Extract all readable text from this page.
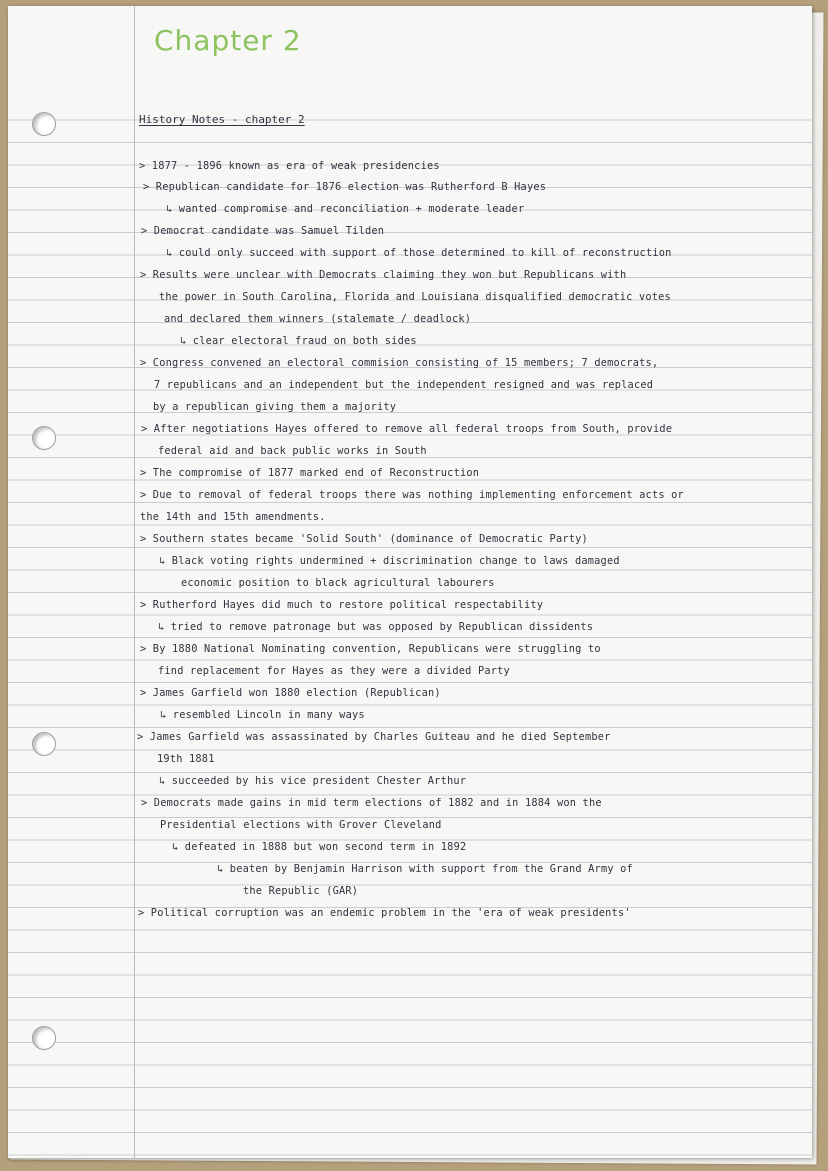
Chapter 2
History Notes - chapter 2
> 1877 - 1896 known as era of weak presidencies
> Republican candidate for 1876 election was Rutherford B Hayes
↳ wanted compromise and reconciliation + moderate leader
> Democrat candidate was Samuel Tilden
↳ could only succeed with support of those determined to kill of reconstruction
> Results were unclear with Democrats claiming they won but Republicans with
the power in South Carolina, Florida and Louisiana disqualified democratic votes
and declared them winners (stalemate / deadlock)
↳ clear electoral fraud on both sides
> Congress convened an electoral commision consisting of 15 members; 7 democrats,
7 republicans and an independent but the independent resigned and was replaced
by a republican giving them a majority
> After negotiations Hayes offered to remove all federal troops from South, provide
federal aid and back public works in South
> The compromise of 1877 marked end of Reconstruction
> Due to removal of federal troops there was nothing implementing enforcement acts or
the 14th and 15th amendments.
> Southern states became 'Solid South' (dominance of Democratic Party)
↳ Black voting rights undermined + discrimination change to laws damaged
economic position to black agricultural labourers
> Rutherford Hayes did much to restore political respectability
↳ tried to remove patronage but was opposed by Republican dissidents
> By 1880 National Nominating convention, Republicans were struggling to
find replacement for Hayes as they were a divided Party
> James Garfield won 1880 election (Republican)
↳ resembled Lincoln in many ways
> James Garfield was assassinated by Charles Guiteau and he died September
19th 1881
↳ succeeded by his vice president Chester Arthur
> Democrats made gains in mid term elections of 1882 and in 1884 won the
Presidential elections with Grover Cleveland
↳ defeated in 1888 but won second term in 1892
↳ beaten by Benjamin Harrison with support from the Grand Army of
the Republic (GAR)
> Political corruption was an endemic problem in the 'era of weak presidents'
